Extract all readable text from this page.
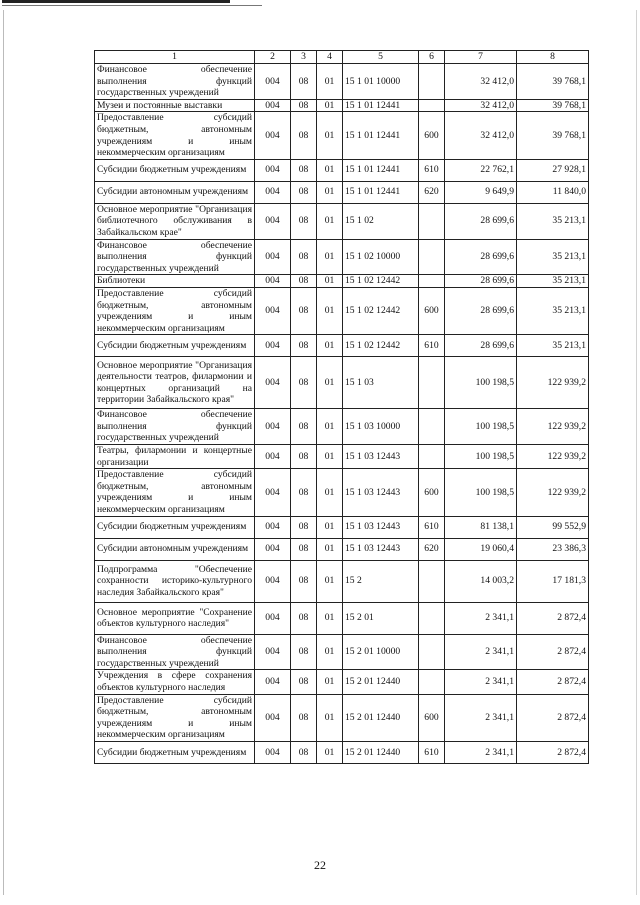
1	2	3	4	5	6	7	8
Финансовое обеспечение выполнения функций государственных учреждений	004	08	01	15 1 01 10000		32 412,0	39 768,1
Музеи и постоянные выставки	004	08	01	15 1 01 12441		32 412,0	39 768,1
Предоставление субсидий бюджетным, автономным учреждениям и иным некоммерческим организациям	004	08	01	15 1 01 12441	600	32 412,0	39 768,1
Субсидии бюджетным учреждениям	004	08	01	15 1 01 12441	610	22 762,1	27 928,1
Субсидии автономным учреждениям	004	08	01	15 1 01 12441	620	9 649,9	11 840,0
Основное мероприятие "Организация библиотечного обслуживания в Забайкальском крае"	004	08	01	15 1 02		28 699,6	35 213,1
Финансовое обеспечение выполнения функций государственных учреждений	004	08	01	15 1 02 10000		28 699,6	35 213,1
Библиотеки	004	08	01	15 1 02 12442		28 699,6	35 213,1
Предоставление субсидий бюджетным, автономным учреждениям и иным некоммерческим организациям	004	08	01	15 1 02 12442	600	28 699,6	35 213,1
Субсидии бюджетным учреждениям	004	08	01	15 1 02 12442	610	28 699,6	35 213,1
Основное мероприятие "Организация деятельности театров, филармонии и концертных организаций на территории Забайкальского края"	004	08	01	15 1 03		100 198,5	122 939,2
Финансовое обеспечение выполнения функций государственных учреждений	004	08	01	15 1 03 10000		100 198,5	122 939,2
Театры, филармонии и концертные организации	004	08	01	15 1 03 12443		100 198,5	122 939,2
Предоставление субсидий бюджетным, автономным учреждениям и иным некоммерческим организациям	004	08	01	15 1 03 12443	600	100 198,5	122 939,2
Субсидии бюджетным учреждениям	004	08	01	15 1 03 12443	610	81 138,1	99 552,9
Субсидии автономным учреждениям	004	08	01	15 1 03 12443	620	19 060,4	23 386,3
Подпрограмма "Обеспечение сохранности историко-культурного наследия Забайкальского края"	004	08	01	15 2		14 003,2	17 181,3
Основное мероприятие "Сохранение объектов культурного наследия"	004	08	01	15 2 01		2 341,1	2 872,4
Финансовое обеспечение выполнения функций государственных учреждений	004	08	01	15 2 01 10000		2 341,1	2 872,4
Учреждения в сфере сохранения объектов культурного наследия	004	08	01	15 2 01 12440		2 341,1	2 872,4
Предоставление субсидий бюджетным, автономным учреждениям и иным некоммерческим организациям	004	08	01	15 2 01 12440	600	2 341,1	2 872,4
Субсидии бюджетным учреждениям	004	08	01	15 2 01 12440	610	2 341,1	2 872,4
22
